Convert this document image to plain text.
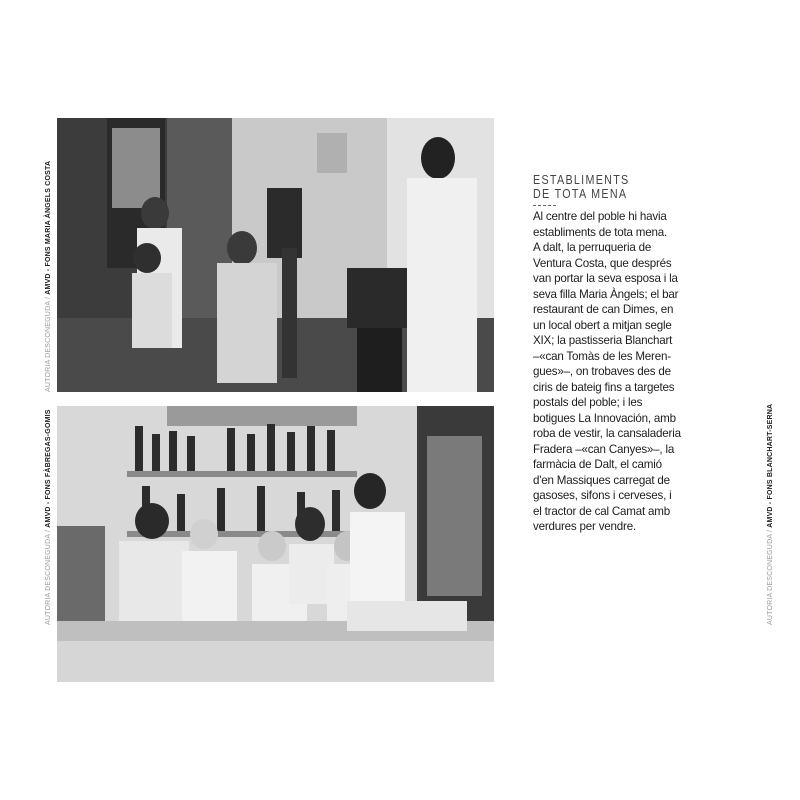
AUTORIA DESCONEGUDA / AMVD - FONS MARIA ÀNGELS COSTA
AUTORIA DESCONEGUDA / AMVD - FONS FÀBREGAS-GOMIS
AUTORIA DESCONEGUDA / AMVD - FONS BLANCHART-SERNA
ESTABLIMENTS DE TOTA MENA
Al centre del poble hi havia
establiments de tota mena.
A dalt, la perruqueria de
Ventura Costa, que després
van portar la seva esposa i la
seva filla Maria Àngels; el bar
restaurant de can Dimes, en
un local obert a mitjan segle
XIX; la pastisseria Blanchart
–«can Tomàs de les Meren-
gues»–, on trobaves des de
ciris de bateig fins a targetes
postals del poble; i les
botigues La Innovación, amb
roba de vestir, la cansaladeria
Fradera –«can Canyes»–, la
farmàcia de Dalt, el camió
d'en Massiques carregat de
gasoses, sifons i cerveses, i
el tractor de cal Camat amb
verdures per vendre.
